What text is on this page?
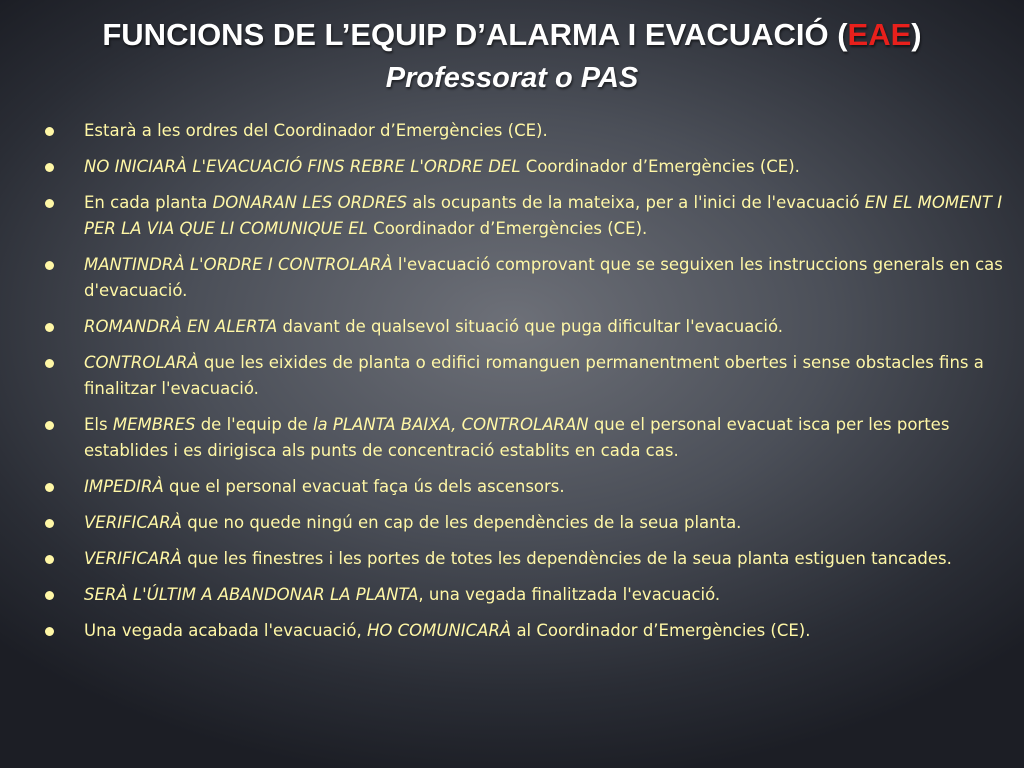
FUNCIONS DE L’EQUIP D’ALARMA I EVACUACIÓ (EAE)
Professorat o PAS
Estarà a les ordres del Coordinador d’Emergències (CE).
NO INICIARÀ L'EVACUACIÓ FINS REBRE L'ORDRE DEL Coordinador d’Emergències (CE).
En cada planta DONARAN LES ORDRES als ocupants de la mateixa, per a l'inici de l'evacuació EN EL MOMENT I PER LA VIA QUE LI COMUNIQUE EL Coordinador d’Emergències (CE).
MANTINDRÀ L'ORDRE I CONTROLARÀ l'evacuació comprovant que se seguixen les instruccions generals en cas d'evacuació.
ROMANDRÀ EN ALERTA davant de qualsevol situació que puga dificultar l'evacuació.
CONTROLARÀ que les eixides de planta o edifici romanguen permanentment obertes i sense obstacles fins a finalitzar l'evacuació.
Els MEMBRES de l'equip de la PLANTA BAIXA, CONTROLARAN que el personal evacuat isca per les portes establides i es dirigisca als punts de concentració establits en cada cas.
IMPEDIRÀ que el personal evacuat faça ús dels ascensors.
VERIFICARÀ que no quede ningú en cap de les dependències de la seua planta.
VERIFICARÀ que les finestres i les portes de totes les dependències de la seua planta estiguen tancades.
SERÀ L'ÚLTIM A ABANDONAR LA PLANTA, una vegada finalitzada l'evacuació.
Una vegada acabada l'evacuació, HO COMUNICARÀ al Coordinador d’Emergències (CE).
